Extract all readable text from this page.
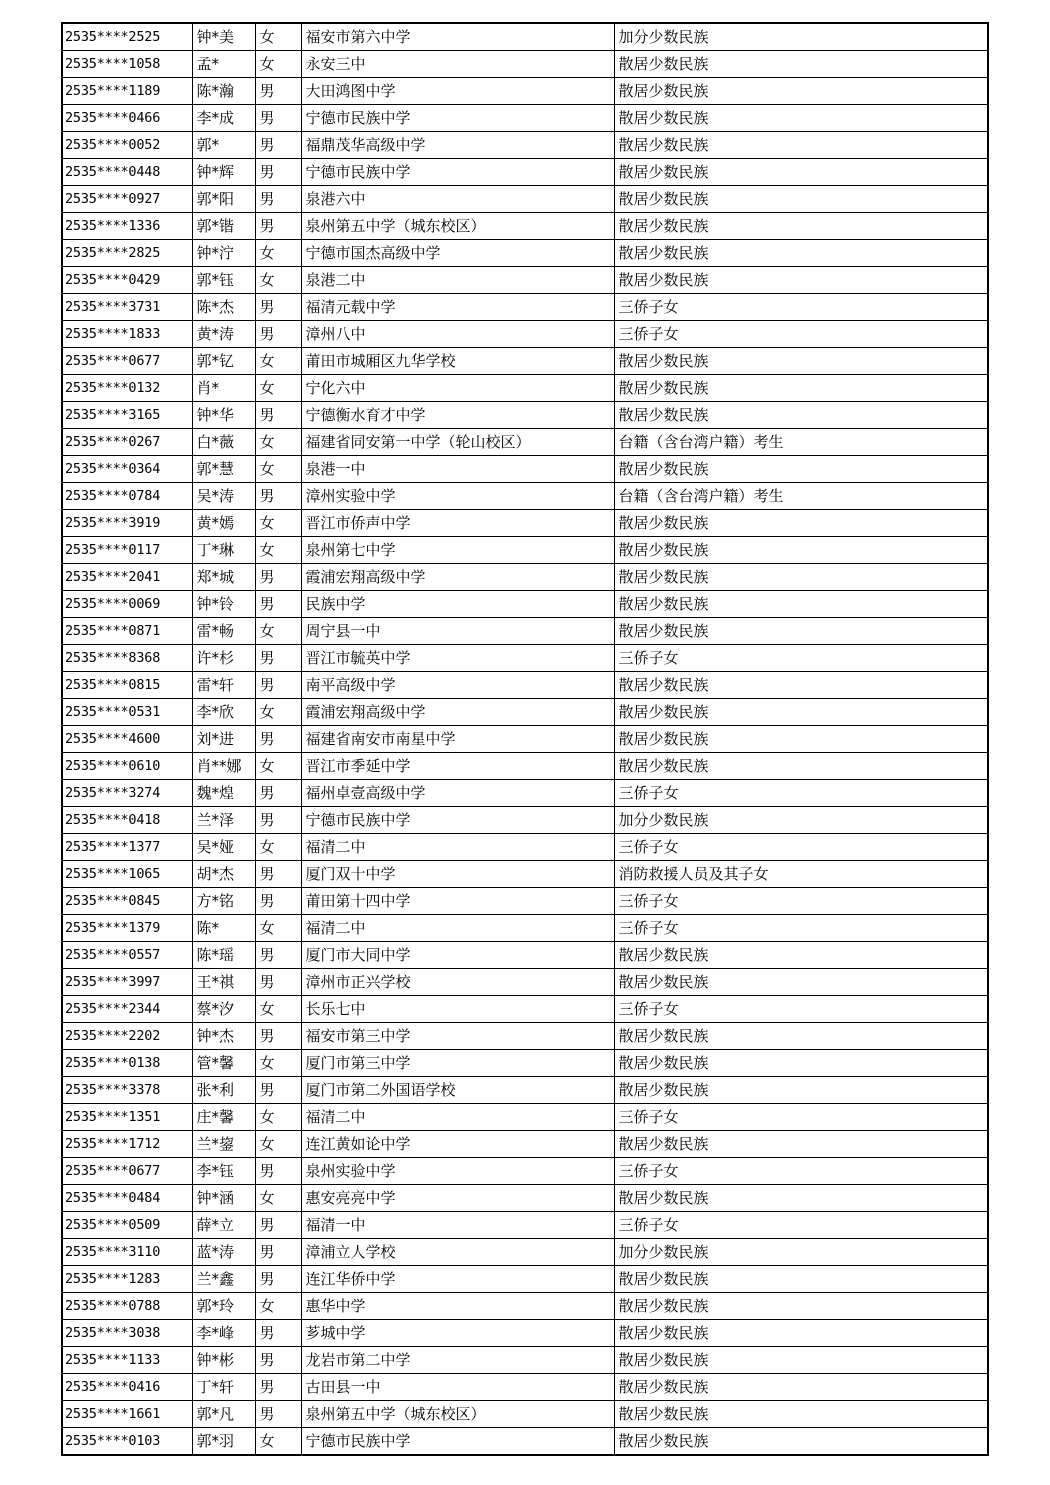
2535****2525	钟*美	女	福安市第六中学	加分少数民族
2535****1058	孟*	女	永安三中	散居少数民族
2535****1189	陈*瀚	男	大田鸿图中学	散居少数民族
2535****0466	李*成	男	宁德市民族中学	散居少数民族
2535****0052	郭*	男	福鼎茂华高级中学	散居少数民族
2535****0448	钟*辉	男	宁德市民族中学	散居少数民族
2535****0927	郭*阳	男	泉港六中	散居少数民族
2535****1336	郭*锴	男	泉州第五中学（城东校区）	散居少数民族
2535****2825	钟*泞	女	宁德市国杰高级中学	散居少数民族
2535****0429	郭*钰	女	泉港二中	散居少数民族
2535****3731	陈*杰	男	福清元载中学	三侨子女
2535****1833	黄*涛	男	漳州八中	三侨子女
2535****0677	郭*钇	女	莆田市城厢区九华学校	散居少数民族
2535****0132	肖*	女	宁化六中	散居少数民族
2535****3165	钟*华	男	宁德衡水育才中学	散居少数民族
2535****0267	白*薇	女	福建省同安第一中学（轮山校区）	台籍（含台湾户籍）考生
2535****0364	郭*慧	女	泉港一中	散居少数民族
2535****0784	吴*涛	男	漳州实验中学	台籍（含台湾户籍）考生
2535****3919	黄*嫣	女	晋江市侨声中学	散居少数民族
2535****0117	丁*琳	女	泉州第七中学	散居少数民族
2535****2041	郑*城	男	霞浦宏翔高级中学	散居少数民族
2535****0069	钟*铃	男	民族中学	散居少数民族
2535****0871	雷*畅	女	周宁县一中	散居少数民族
2535****8368	许*杉	男	晋江市毓英中学	三侨子女
2535****0815	雷*轩	男	南平高级中学	散居少数民族
2535****0531	李*欣	女	霞浦宏翔高级中学	散居少数民族
2535****4600	刘*进	男	福建省南安市南星中学	散居少数民族
2535****0610	肖**娜	女	晋江市季延中学	散居少数民族
2535****3274	魏*煌	男	福州卓壹高级中学	三侨子女
2535****0418	兰*泽	男	宁德市民族中学	加分少数民族
2535****1377	吴*娅	女	福清二中	三侨子女
2535****1065	胡*杰	男	厦门双十中学	消防救援人员及其子女
2535****0845	方*铭	男	莆田第十四中学	三侨子女
2535****1379	陈*	女	福清二中	三侨子女
2535****0557	陈*瑶	男	厦门市大同中学	散居少数民族
2535****3997	王*祺	男	漳州市正兴学校	散居少数民族
2535****2344	蔡*汐	女	长乐七中	三侨子女
2535****2202	钟*杰	男	福安市第三中学	散居少数民族
2535****0138	管*馨	女	厦门市第三中学	散居少数民族
2535****3378	张*利	男	厦门市第二外国语学校	散居少数民族
2535****1351	庄*馨	女	福清二中	三侨子女
2535****1712	兰*鋆	女	连江黄如论中学	散居少数民族
2535****0677	李*钰	男	泉州实验中学	三侨子女
2535****0484	钟*涵	女	惠安亮亮中学	散居少数民族
2535****0509	薛*立	男	福清一中	三侨子女
2535****3110	蓝*涛	男	漳浦立人学校	加分少数民族
2535****1283	兰*鑫	男	连江华侨中学	散居少数民族
2535****0788	郭*玲	女	惠华中学	散居少数民族
2535****3038	李*峰	男	芗城中学	散居少数民族
2535****1133	钟*彬	男	龙岩市第二中学	散居少数民族
2535****0416	丁*轩	男	古田县一中	散居少数民族
2535****1661	郭*凡	男	泉州第五中学（城东校区）	散居少数民族
2535****0103	郭*羽	女	宁德市民族中学	散居少数民族
